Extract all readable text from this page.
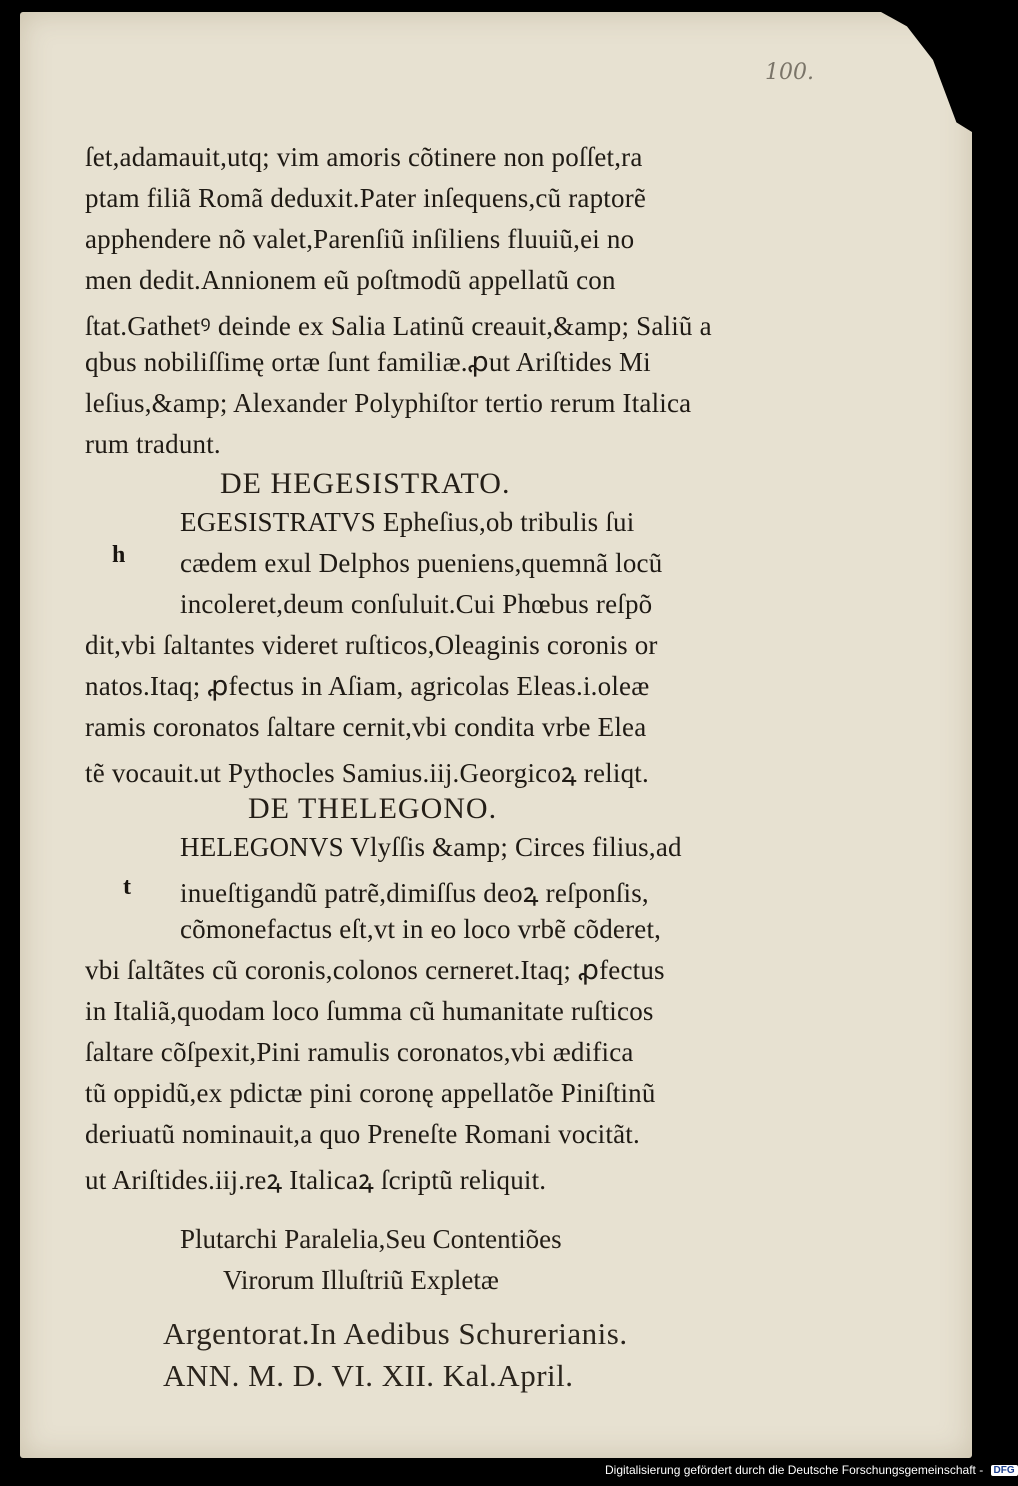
100.
ſet,adamauit,utq; vim amoris cõtinere non poſſet,ra
ptam filiã Romã deduxit.Pater inſequens,cũ raptorẽ
apphendere nõ valet,Parenſiũ inſiliens fluuiũ,ei no
men dedit.Annionem eũ poſtmodũ appellatũ con
ſtat.Gathetꝰ deinde ex Salia Latinũ creauit,&amp; Saliũ a
qbus nobiliſſimę ortæ ſunt familiæ.ꝓut Ariſtides Mi
leſius,&amp; Alexander Polyphiſtor tertio rerum Italica
rum tradunt.
DE HEGESISTRATO.
h
EGESISTRATVS Epheſius,ob tribulis ſui
cædem exul Delphos pueniens,quemnã locũ
incoleret,deum conſuluit.Cui Phœbus reſpõ
dit,vbi ſaltantes videret ruſticos,Oleaginis coronis or
natos.Itaq; ꝓfectus in Aſiam, agricolas Eleas.i.oleæ
ramis coronatos ſaltare cernit,vbi condita vrbe Elea
tẽ vocauit.ut Pythocles Samius.iij.Georgicoꝝ reliqt.
DE THELEGONO.
t
HELEGONVS Vlyſſis &amp; Circes filius,ad
inueſtigandũ patrẽ,dimiſſus deoꝝ reſponſis,
cõmonefactus eſt,vt in eo loco vrbẽ cõderet,
vbi ſaltãtes cũ coronis,colonos cerneret.Itaq; ꝓfectus
in Italiã,quodam loco ſumma cũ humanitate ruſticos
ſaltare cõſpexit,Pini ramulis coronatos,vbi ædifica
tũ oppidũ,ex pdictæ pini coronę appellatõe Piniſtinũ
deriuatũ nominauit,a quo Preneſte Romani vocitãt.
ut Ariſtides.iij.reꝝ Italicaꝝ ſcriptũ reliquit.
Plutarchi Paralelia,Seu Contentiões
Virorum Illuſtriũ Expletæ
Argentorat.In Aedibus Schurerianis.
ANN. M. D. VI. XII. Kal.April.
Digitalisierung gefördert durch die Deutsche Forschungsgemeinschaft - DFG
